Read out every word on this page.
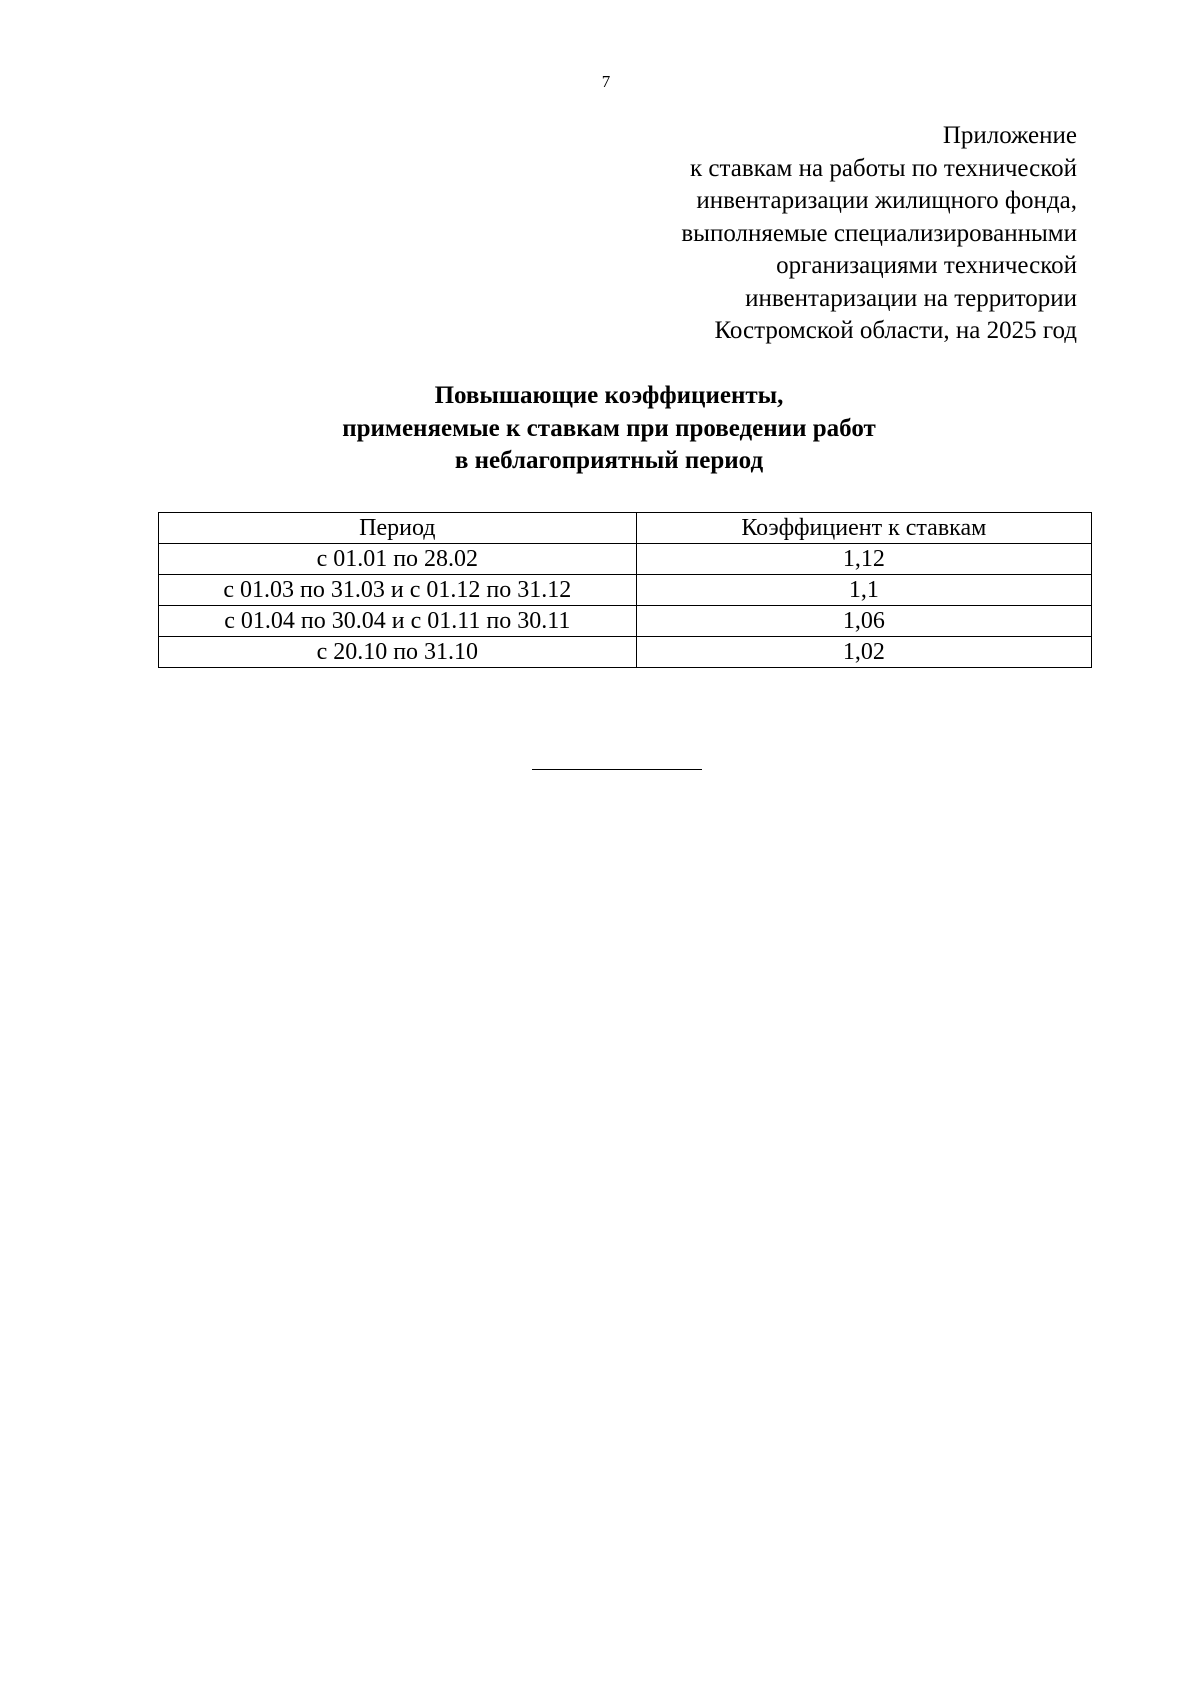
7
Приложение
к ставкам на работы по технической
инвентаризации жилищного фонда,
выполняемые специализированными
организациями технической
инвентаризации на территории
Костромской области, на 2025 год
Повышающие коэффициенты,
применяемые к ставкам при проведении работ
в неблагоприятный период
Период	Коэффициент к ставкам
с 01.01 по 28.02	1,12
с 01.03 по 31.03 и с 01.12 по 31.12	1,1
с 01.04 по 30.04 и с 01.11 по 30.11	1,06
с 20.10 по 31.10	1,02
